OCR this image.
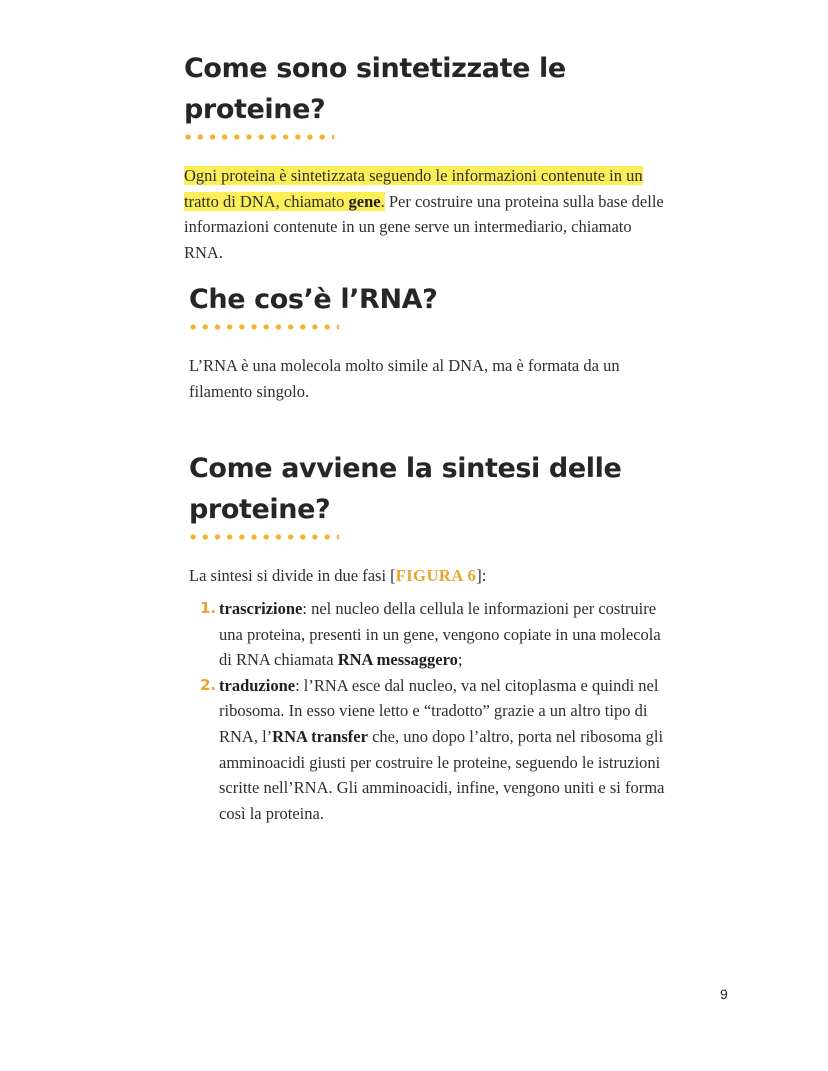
Come sono sintetizzate le proteine?

Ogni proteina è sintetizzata seguendo le informazioni contenute in un tratto di DNA, chiamato gene. Per costruire una proteina sulla base delle informazioni contenute in un gene serve un intermediario, chiamato RNA.

Che cos’è l’RNA?

L’RNA è una molecola molto simile al DNA, ma è formata da un filamento singolo.

Come avviene la sintesi delle proteine?

La sintesi si divide in due fasi [FIGURA 6]:

1. trascrizione: nel nucleo della cellula le informazioni per costruire una proteina, presenti in un gene, vengono copiate in una molecola di RNA chiamata RNA messaggero;
2. traduzione: l’RNA esce dal nucleo, va nel citoplasma e quindi nel ribosoma. In esso viene letto e “tradotto” grazie a un altro tipo di RNA, l’RNA transfer che, uno dopo l’altro, porta nel ribosoma gli amminoacidi giusti per costruire le proteine, seguendo le istruzioni scritte nell’RNA. Gli amminoacidi, infine, vengono uniti e si forma così la proteina.
9
